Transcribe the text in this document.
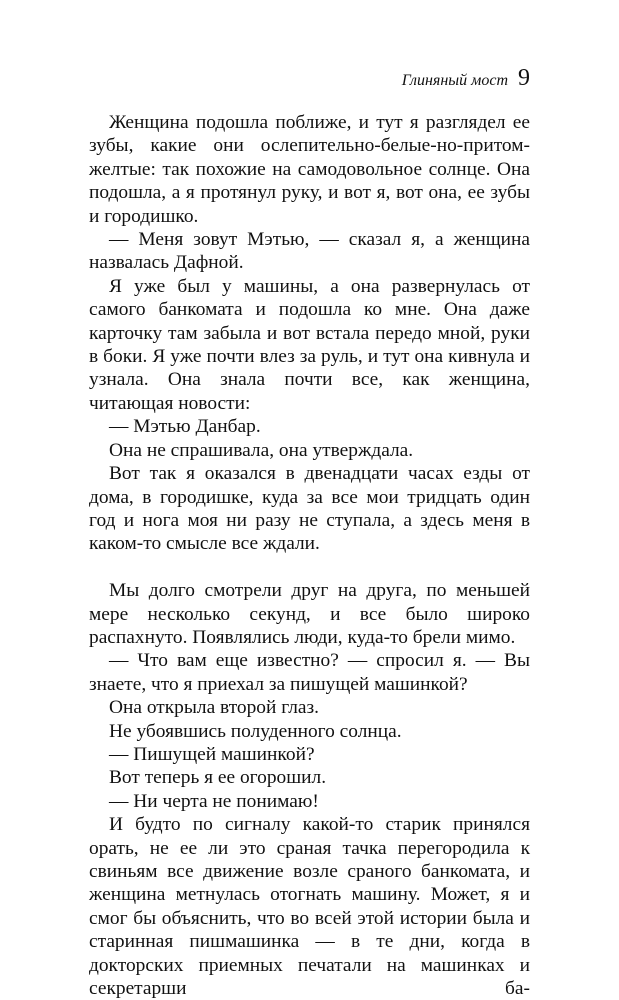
Глиняный мост 9

Женщина подошла поближе, и тут я разглядел ее зубы, какие они ослепительно-белые-но-притом-желтые: так похожие на самодовольное солнце. Она подошла, а я протянул руку, и вот я, вот она, ее зубы и городишко.

— Меня зовут Мэтью, — сказал я, а женщина назвалась Дафной.

Я уже был у машины, а она развернулась от самого банкомата и подошла ко мне. Она даже карточку там забыла и вот встала передо мной, руки в боки. Я уже почти влез за руль, и тут она кивнула и узнала. Она знала почти все, как женщина, читающая новости:

— Мэтью Данбар.

Она не спрашивала, она утверждала.

Вот так я оказался в двенадцати часах езды от дома, в городишке, куда за все мои тридцать один год и нога моя ни разу не ступала, а здесь меня в каком-то смысле все ждали.

Мы долго смотрели друг на друга, по меньшей мере несколько секунд, и все было широко распахнуто. Появлялись люди, куда-то брели мимо.

— Что вам еще известно? — спросил я. — Вы знаете, что я приехал за пишущей машинкой?

Она открыла второй глаз.

Не убоявшись полуденного солнца.

— Пишущей машинкой?

Вот теперь я ее огорошил.

— Ни черта не понимаю!

И будто по сигналу какой-то старик принялся орать, не ее ли это сраная тачка перегородила к свиньям все движение возле сраного банкомата, и женщина метнулась отогнать машину. Может, я и смог бы объяснить, что во всей этой истории была и старинная пишмашинка — в те дни, когда в докторских приемных печатали на машинках и секретарши ба-
